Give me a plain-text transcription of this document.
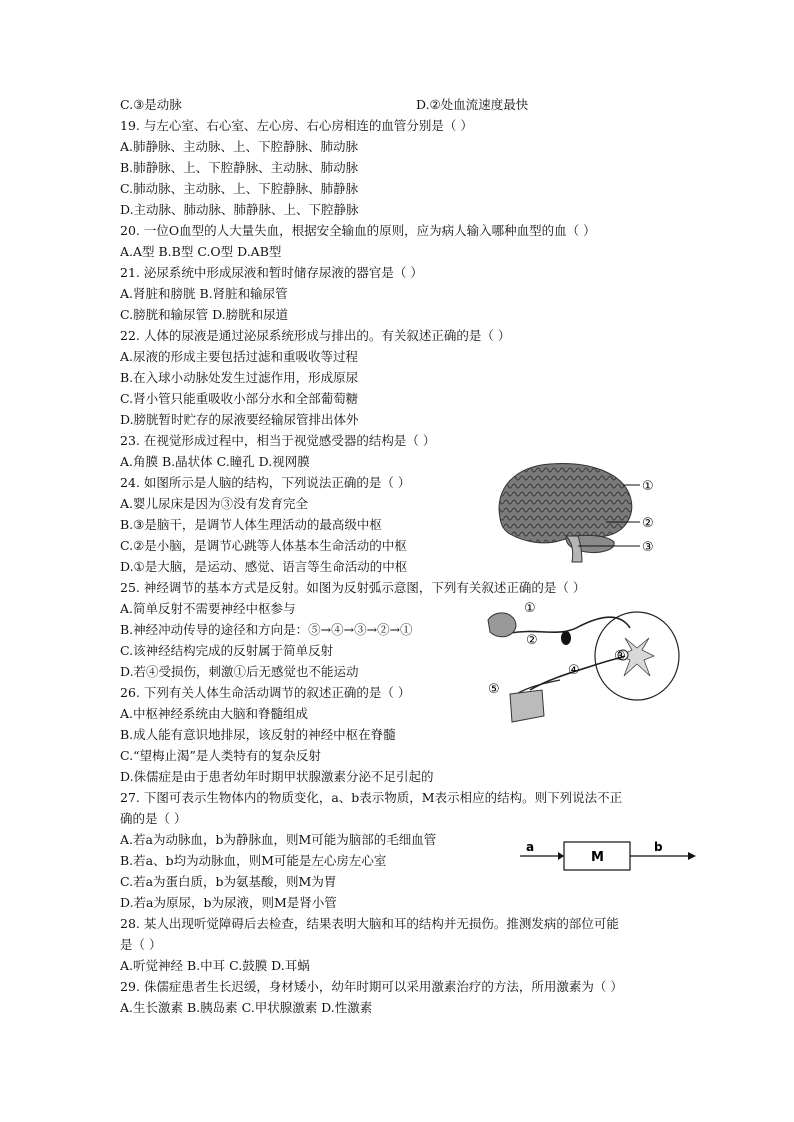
C.③是动脉	D.②处血流速度最快
19. 与左心室、右心室、左心房、右心房相连的血管分别是（ ）
A.肺静脉、主动脉、上、下腔静脉、肺动脉
B.肺静脉、上、下腔静脉、主动脉、肺动脉
C.肺动脉、主动脉、上、下腔静脉、肺静脉
D.主动脉、肺动脉、肺静脉、上、下腔静脉
20. 一位O血型的人大量失血，根据安全输血的原则，应为病人输入哪种血型的血（ ）
A.A型 B.B型 C.O型 D.AB型
21. 泌尿系统中形成尿液和暂时储存尿液的器官是（ ）
A.肾脏和膀胱 B.肾脏和输尿管
C.膀胱和输尿管 D.膀胱和尿道
22. 人体的尿液是通过泌尿系统形成与排出的。有关叙述正确的是（ ）
A.尿液的形成主要包括过滤和重吸收等过程
B.在入球小动脉处发生过滤作用，形成原尿
C.肾小管只能重吸收小部分水和全部葡萄糖
D.膀胱暂时贮存的尿液要经输尿管排出体外
23. 在视觉形成过程中，相当于视觉感受器的结构是（ ）
A.角膜 B.晶状体 C.瞳孔 D.视网膜
24. 如图所示是人脑的结构，下列说法正确的是（ ）
A.婴儿尿床是因为③没有发育完全
B.③是脑干，是调节人体生理活动的最高级中枢
C.②是小脑，是调节心跳等人体基本生命活动的中枢
D.①是大脑，是运动、感觉、语言等生命活动的中枢
25. 神经调节的基本方式是反射。如图为反射弧示意图，下列有关叙述正确的是（ ）
A.简单反射不需要神经中枢参与
B.神经冲动传导的途径和方向是：⑤→④→③→②→①
C.该神经结构完成的反射属于简单反射
D.若④受损伤，刺激①后无感觉也不能运动
26. 下列有关人体生命活动调节的叙述正确的是（ ）
A.中枢神经系统由大脑和脊髓组成
B.成人能有意识地排尿，该反射的神经中枢在脊髓
C.“望梅止渴”是人类特有的复杂反射
D.侏儒症是由于患者幼年时期甲状腺激素分泌不足引起的
27. 下图可表示生物体内的物质变化，a、b表示物质，M表示相应的结构。则下列说法不正
确的是（ ）
A.若a为动脉血，b为静脉血，则M可能为脑部的毛细血管
B.若a、b均为动脉血，则M可能是左心房左心室
C.若a为蛋白质，b为氨基酸，则M为胃
D.若a为原尿，b为尿液，则M是肾小管
28. 某人出现听觉障碍后去检查，结果表明大脑和耳的结构并无损伤。推测发病的部位可能
是（ ）
A.听觉神经 B.中耳 C.鼓膜 D.耳蜗
29. 侏儒症患者生长迟缓，身材矮小，幼年时期可以采用激素治疗的方法，所用激素为（ ）
A.生长激素 B.胰岛素 C.甲状腺激素 D.性激素
①
②
③
①
②
③
④
⑤
a
M
b
